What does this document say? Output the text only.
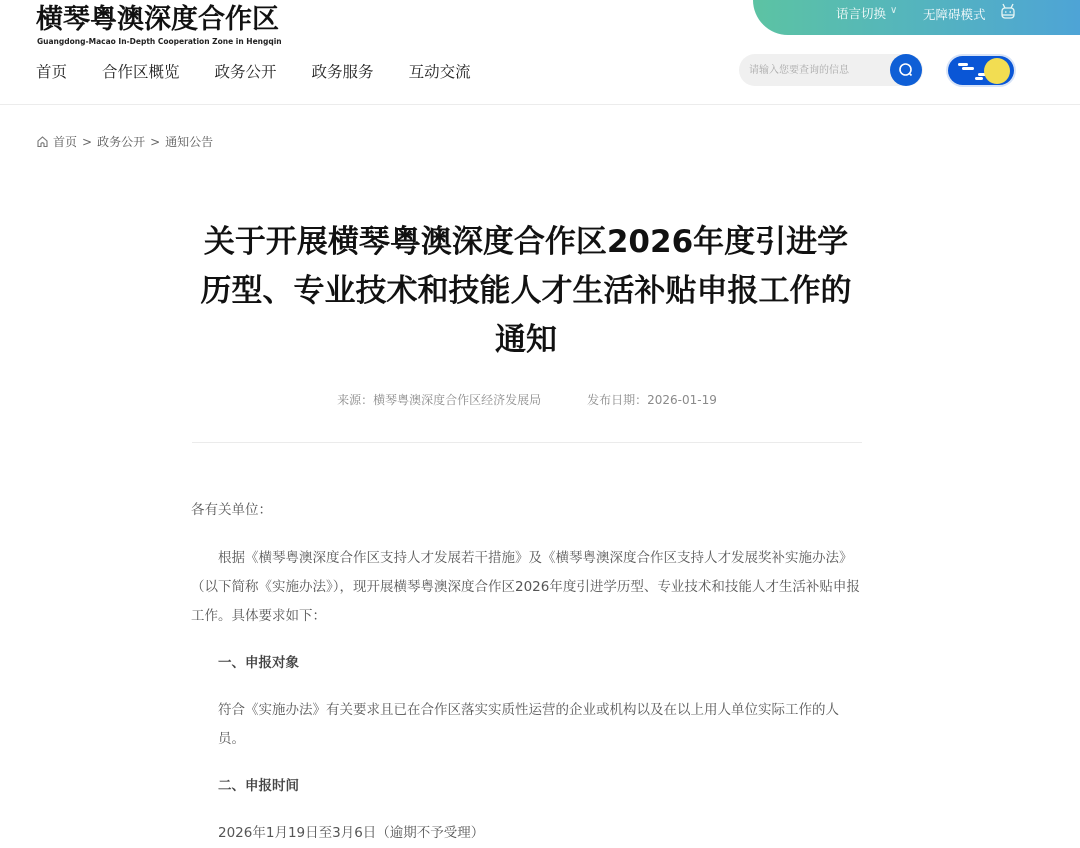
横琴粤澳深度合作区
Guangdong-Macao In-Depth Cooperation Zone in Hengqin
语言切换 ∨ 无障碍模式
首页 合作区概览 政务公开 政务服务 互动交流
请输入您要查询的信息
首页 > 政务公开 > 通知公告
关于开展横琴粤澳深度合作区2026年度引进学历型、专业技术和技能人才生活补贴申报工作的通知
来源：横琴粤澳深度合作区经济发展局	发布日期：2026-01-19

各有关单位：

根据《横琴粤澳深度合作区支持人才发展若干措施》及《横琴粤澳深度合作区支持人才发展奖补实施办法》（以下简称《实施办法》），现开展横琴粤澳深度合作区2026年度引进学历型、专业技术和技能人才生活补贴申报工作。具体要求如下：

一、申报对象

符合《实施办法》有关要求且已在合作区落实实质性运营的企业或机构以及在以上用人单位实际工作的人员。

二、申报时间

2026年1月19日至3月6日（逾期不予受理）
